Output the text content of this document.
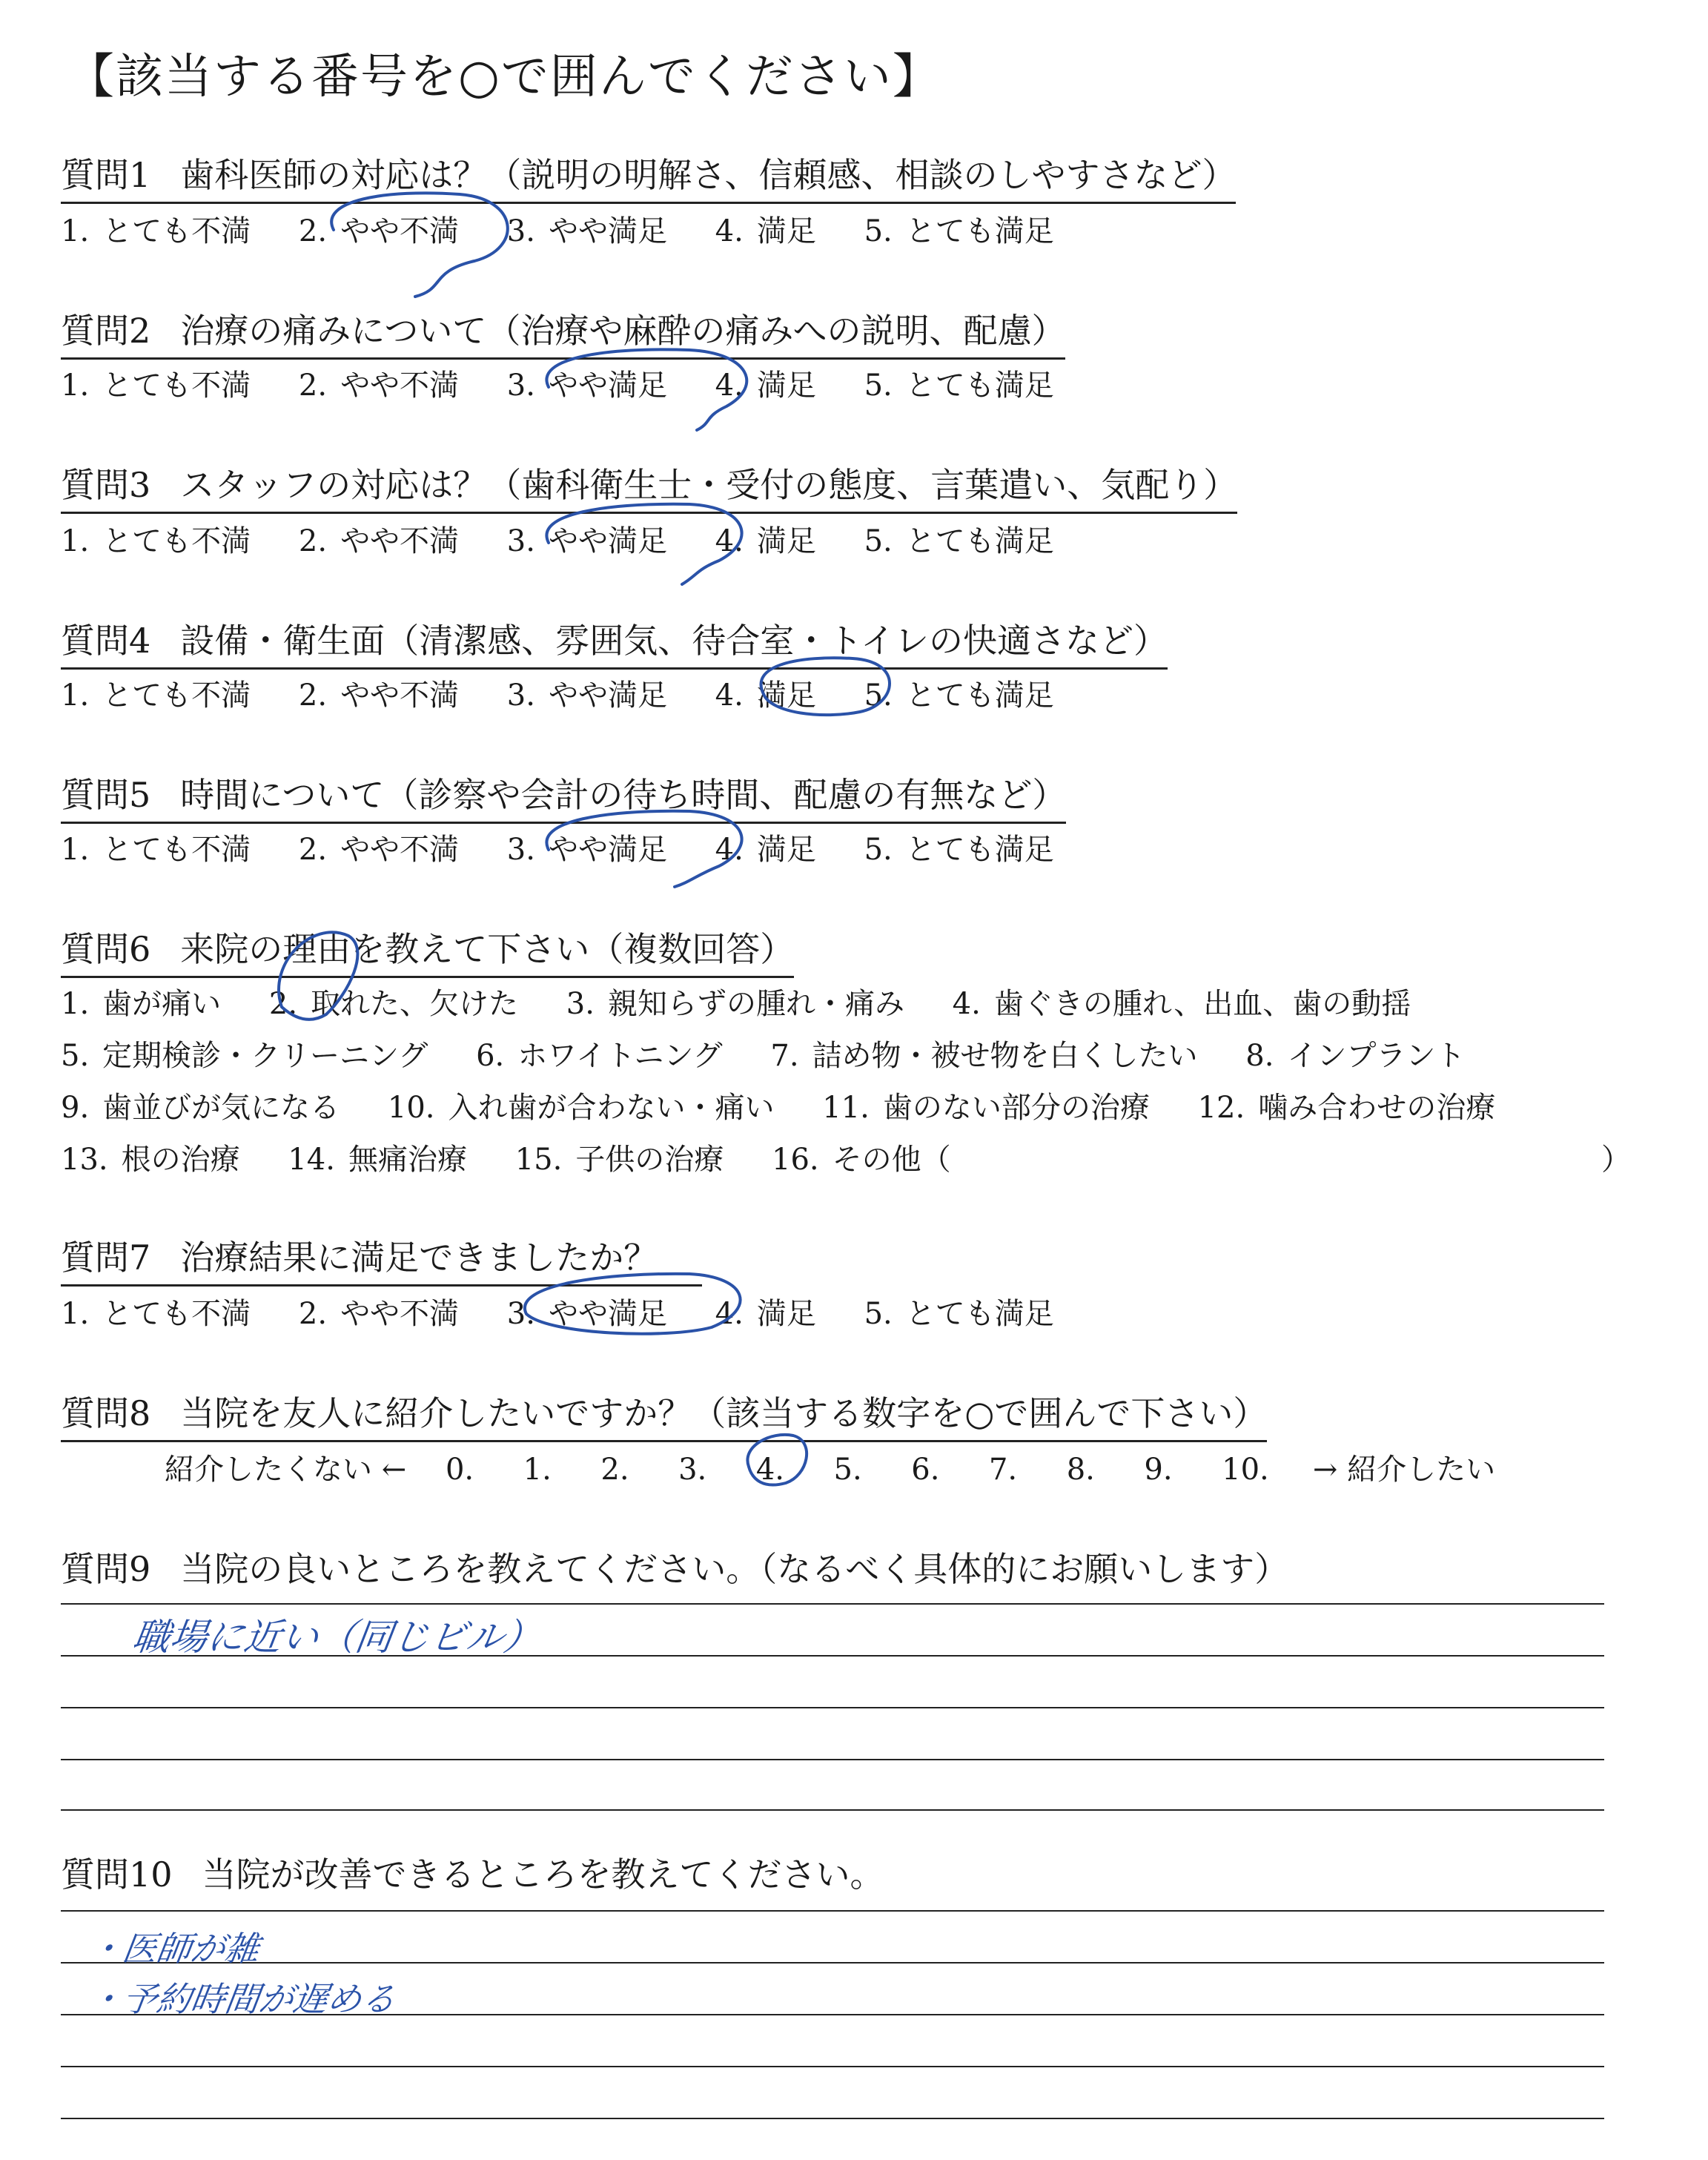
【該当する番号を○で囲んでください】
質問1 歯科医師の対応は？（説明の明解さ、信頼感、相談のしやすさなど）
1. とても不満 2. やや不満 3. やや満足 4. 満足 5. とても満足
質問2 治療の痛みについて（治療や麻酔の痛みへの説明、配慮）
1. とても不満 2. やや不満 3. やや満足 4. 満足 5. とても満足
質問3 スタッフの対応は？（歯科衛生士・受付の態度、言葉遣い、気配り）
1. とても不満 2. やや不満 3. やや満足 4. 満足 5. とても満足
質問4 設備・衛生面（清潔感、雰囲気、待合室・トイレの快適さなど）
1. とても不満 2. やや不満 3. やや満足 4. 満足 5. とても満足
質問5 時間について（診察や会計の待ち時間、配慮の有無など）
1. とても不満 2. やや不満 3. やや満足 4. 満足 5. とても満足
質問6 来院の理由を教えて下さい（複数回答）
1. 歯が痛い 2. 取れた、欠けた 3. 親知らずの腫れ・痛み 4. 歯ぐきの腫れ、出血、歯の動揺
5. 定期検診・クリーニング 6. ホワイトニング 7. 詰め物・被せ物を白くしたい 8. インプラント
9. 歯並びが気になる 10. 入れ歯が合わない・痛い 11. 歯のない部分の治療 12. 噛み合わせの治療
13. 根の治療 14. 無痛治療 15. 子供の治療 16. その他（	）
質問7 治療結果に満足できましたか？
1. とても不満 2. やや不満 3. やや満足 4. 満足 5. とても満足
質問8 当院を友人に紹介したいですか？（該当する数字を○で囲んで下さい）
紹介したくない ← 0. 1. 2. 3. 4. 5. 6. 7. 8. 9. 10. → 紹介したい
質問9 当院の良いところを教えてください。（なるべく具体的にお願いします）
職場に近い（同じビル）
質問10 当院が改善できるところを教えてください。
・医師が雑
・予約時間が遅める
